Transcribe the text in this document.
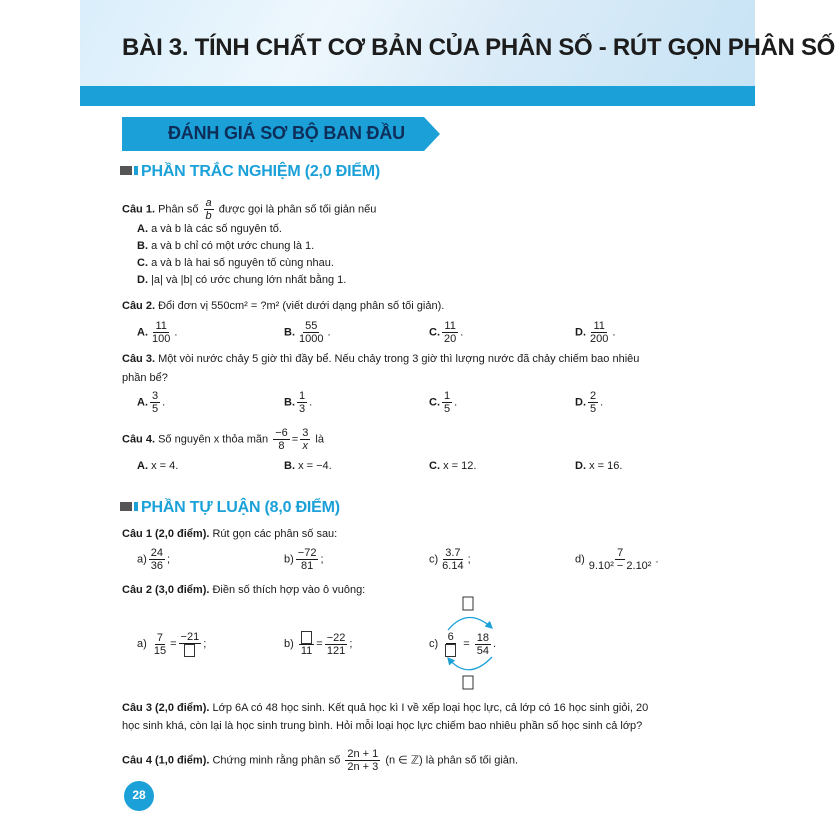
BÀI 3. TÍNH CHẤT CƠ BẢN CỦA PHÂN SỐ - RÚT GỌN PHÂN SỐ
ĐÁNH GIÁ SƠ BỘ BAN ĐẦU
PHẦN TRẮC NGHIỆM (2,0 ĐIỂM)
Câu 1. Phân số $\frac{a}{b}$ được gọi là phân số tối giản nếu
A. a và b là các số nguyên tố.
B. a và b chỉ có một ước chung là 1.
C. a và b là hai số nguyên tố cùng nhau.
D. |a| và |b| có ước chung lớn nhất bằng 1.
Câu 2. Đổi đơn vị 550cm² = ?m² (viết dưới dạng phân số tối giản).
A. $\frac{11}{100}$ .	B. $\frac{55}{1000}$ .	C. $\frac{11}{20}$ .	D. $\frac{11}{200}$ .
Câu 3. Một vòi nước chảy 5 giờ thì đầy bể. Nếu chảy trong 3 giờ thì lượng nước đã chảy chiếm bao nhiêu
phần bể?
A. $\frac{3}{5}$ .	B. $\frac{1}{3}$ .	C. $\frac{1}{5}$ .	D. $\frac{2}{5}$ .
Câu 4. Số nguyên x thỏa mãn $\frac{-6}{8} = \frac{3}{x}$ là
A. x = 4.	B. x = −4.	C. x = 12.	D. x = 16.
PHẦN TỰ LUẬN (8,0 ĐIỂM)
Câu 1 (2,0 điểm). Rút gọn các phân số sau:
$a) \frac{24}{36}$ ;	$b) \frac{-72}{81}$ ;	$c) \frac{3.7}{6.14}$ ;	$d) \frac{7}{\text{9.10² − 2.10²}}$ .
Câu 2 (3,0 điểm). Điền số thích hợp vào ô vuông:
$a) \frac{7}{15}$ =
−21
;	b)
11
= $\frac{-22}{121}$ ;	c)
6
= $\frac{18}{54}$ .
Câu 3 (2,0 điểm). Lớp 6A có 48 học sinh. Kết quả học kì I về xếp loại học lực, cả lớp có 16 học sinh giỏi, 20
học sinh khá, còn lại là học sinh trung bình. Hỏi mỗi loại học lực chiếm bao nhiêu phần số học sinh cả lớp?
Câu 4 (1,0 điểm). Chứng minh rằng phân số $\frac{2n + 1}{2n + 3} (n$ ∈ ℤ) là phân số tối giản.
28
